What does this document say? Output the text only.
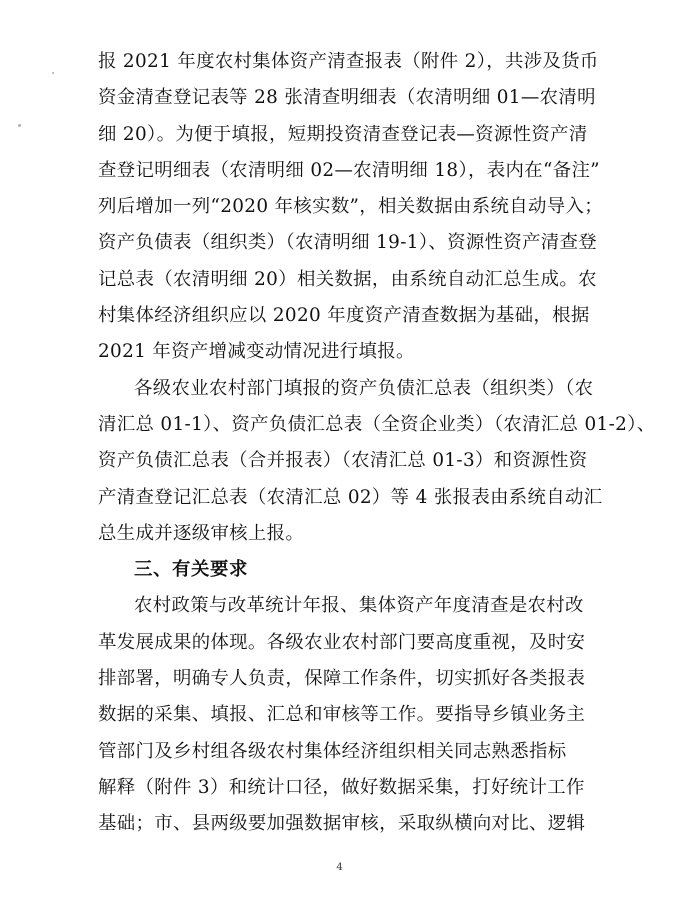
报 2021 年度农村集体资产清查报表（附件 2），共涉及货币
资金清查登记表等 28 张清查明细表（农清明细 01—农清明
细 20）。为便于填报，短期投资清查登记表—资源性资产清
查登记明细表（农清明细 02—农清明细 18），表内在“备注”
列后增加一列“2020 年核实数”，相关数据由系统自动导入；
资产负债表（组织类）（农清明细 19-1）、资源性资产清查登
记总表（农清明细 20）相关数据，由系统自动汇总生成。农
村集体经济组织应以 2020 年度资产清查数据为基础，根据
2021 年资产增减变动情况进行填报。
各级农业农村部门填报的资产负债汇总表（组织类）（农
清汇总 01-1）、资产负债汇总表（全资企业类）（农清汇总 01-2）、
资产负债汇总表（合并报表）（农清汇总 01-3）和资源性资
产清查登记汇总表（农清汇总 02）等 4 张报表由系统自动汇
总生成并逐级审核上报。
三、有关要求
农村政策与改革统计年报、集体资产年度清查是农村改
革发展成果的体现。各级农业农村部门要高度重视，及时安
排部署，明确专人负责，保障工作条件，切实抓好各类报表
数据的采集、填报、汇总和审核等工作。要指导乡镇业务主
管部门及乡村组各级农村集体经济组织相关同志熟悉指标
解释（附件 3）和统计口径，做好数据采集，打好统计工作
基础；市、县两级要加强数据审核，采取纵横向对比、逻辑
4
